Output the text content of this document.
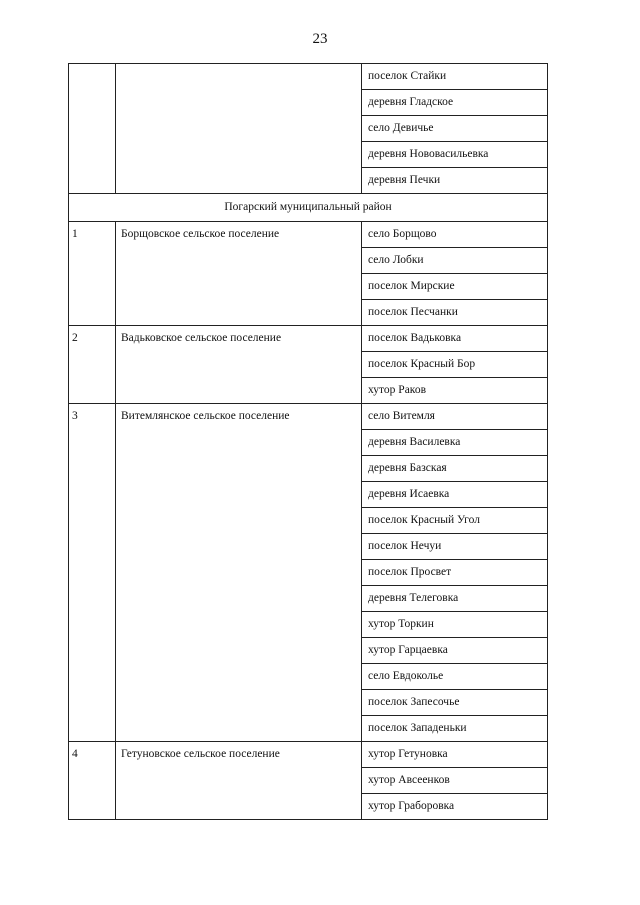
23
		поселок Стайки
		деревня Гладское
		село Девичье
		деревня Нововасильевка
		деревня Печки
Погарский муниципальный район		
1	Борщовское сельское поселение	село Борщово
		село Лобки
		поселок Мирские
		поселок Песчанки
2	Вадьковское сельское поселение	поселок Вадьковка
		поселок Красный Бор
		хутор Раков
3	Витемлянское сельское поселение	село Витемля
		деревня Василевка
		деревня Базская
		деревня Исаевка
		поселок Красный Угол
		поселок Нечуи
		поселок Просвет
		деревня Телеговка
		хутор Торкин
		хутор Гарцаевка
		село Евдоколье
		поселок Запесочье
		поселок Западеньки
4	Гетуновское сельское поселение	хутор Гетуновка
		хутор Авсеенков
		хутор Граборовка
